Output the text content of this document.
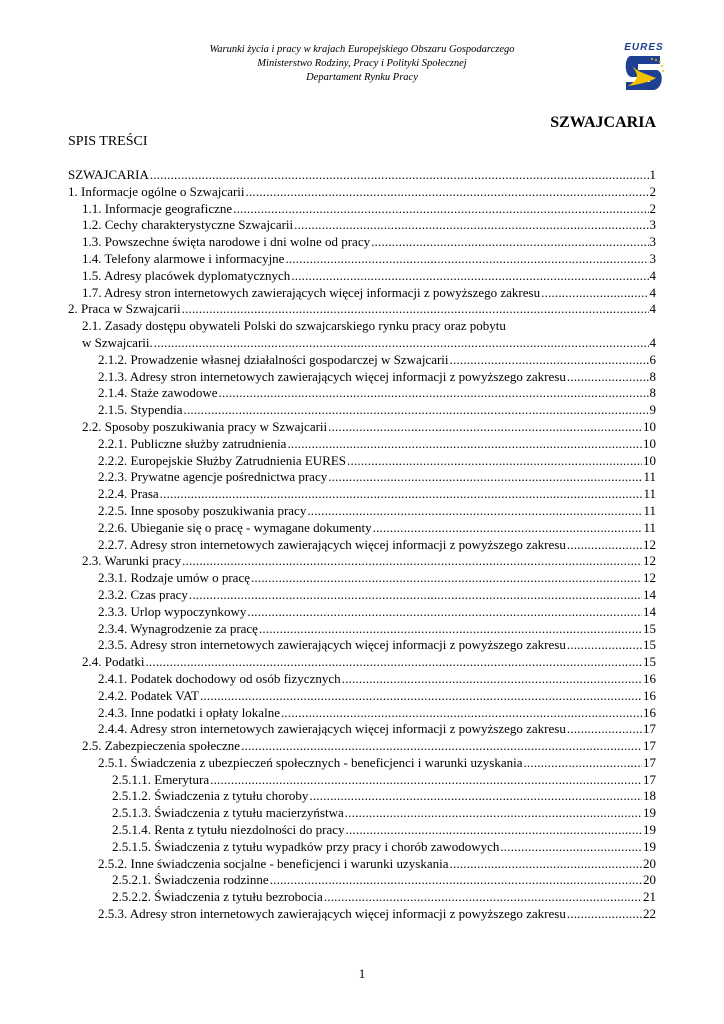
Warunki życia i pracy w krajach Europejskiego Obszaru Gospodarczego
Ministerstwo Rodziny, Pracy i Polityki Społecznej
Departament Rynku Pracy
EURES
SZWAJCARIA
SPIS TREŚCI
SZWAJCARIA .....	1
1. Informacje ogólne o Szwajcarii .....	2
1.1. Informacje geograficzne .....	2
1.2. Cechy charakterystyczne Szwajcarii .....	3
1.3. Powszechne święta narodowe i dni wolne od pracy .....	3
1.4. Telefony alarmowe i informacyjne .....	3
1.5. Adresy placówek dyplomatycznych .....	4
1.7. Adresy stron internetowych zawierających więcej informacji z powyższego zakresu .....	4
2. Praca w Szwajcarii .....	4
2.1. Zasady dostępu obywateli Polski do szwajcarskiego rynku pracy oraz pobytu
w Szwajcarii. .....	4
2.1.2. Prowadzenie własnej działalności gospodarczej w Szwajcarii .....	6
2.1.3. Adresy stron internetowych zawierających więcej informacji z powyższego zakresu .....	8
2.1.4. Staże zawodowe .....	8
2.1.5. Stypendia .....	9
2.2. Sposoby poszukiwania pracy w Szwajcarii .....	10
2.2.1. Publiczne służby zatrudnienia .....	10
2.2.2. Europejskie Służby Zatrudnienia EURES .....	10
2.2.3. Prywatne agencje pośrednictwa pracy .....	11
2.2.4. Prasa .....	11
2.2.5. Inne sposoby poszukiwania pracy .....	11
2.2.6. Ubieganie się o pracę - wymagane dokumenty .....	11
2.2.7. Adresy stron internetowych zawierających więcej informacji z powyższego zakresu .....	12
2.3. Warunki pracy .....	12
2.3.1. Rodzaje umów o pracę .....	12
2.3.2. Czas pracy .....	14
2.3.3. Urlop wypoczynkowy .....	14
2.3.4. Wynagrodzenie za pracę .....	15
2.3.5. Adresy stron internetowych zawierających więcej informacji z powyższego zakresu .....	15
2.4. Podatki .....	15
2.4.1. Podatek dochodowy od osób fizycznych .....	16
2.4.2. Podatek VAT .....	16
2.4.3. Inne podatki i opłaty lokalne .....	16
2.4.4. Adresy stron internetowych zawierających więcej informacji z powyższego zakresu .....	17
2.5. Zabezpieczenia społeczne .....	17
2.5.1. Świadczenia z ubezpieczeń społecznych - beneficjenci i warunki uzyskania .....	17
2.5.1.1. Emerytura .....	17
2.5.1.2. Świadczenia z tytułu choroby .....	18
2.5.1.3. Świadczenia z tytułu macierzyństwa .....	19
2.5.1.4. Renta z tytułu niezdolności do pracy .....	19
2.5.1.5. Świadczenia z tytułu wypadków przy pracy i chorób zawodowych .....	19
2.5.2. Inne świadczenia socjalne - beneficjenci i warunki uzyskania .....	20
2.5.2.1. Świadczenia rodzinne .....	20
2.5.2.2. Świadczenia z tytułu bezrobocia .....	21
2.5.3. Adresy stron internetowych zawierających więcej informacji z powyższego zakresu .....	22
1
